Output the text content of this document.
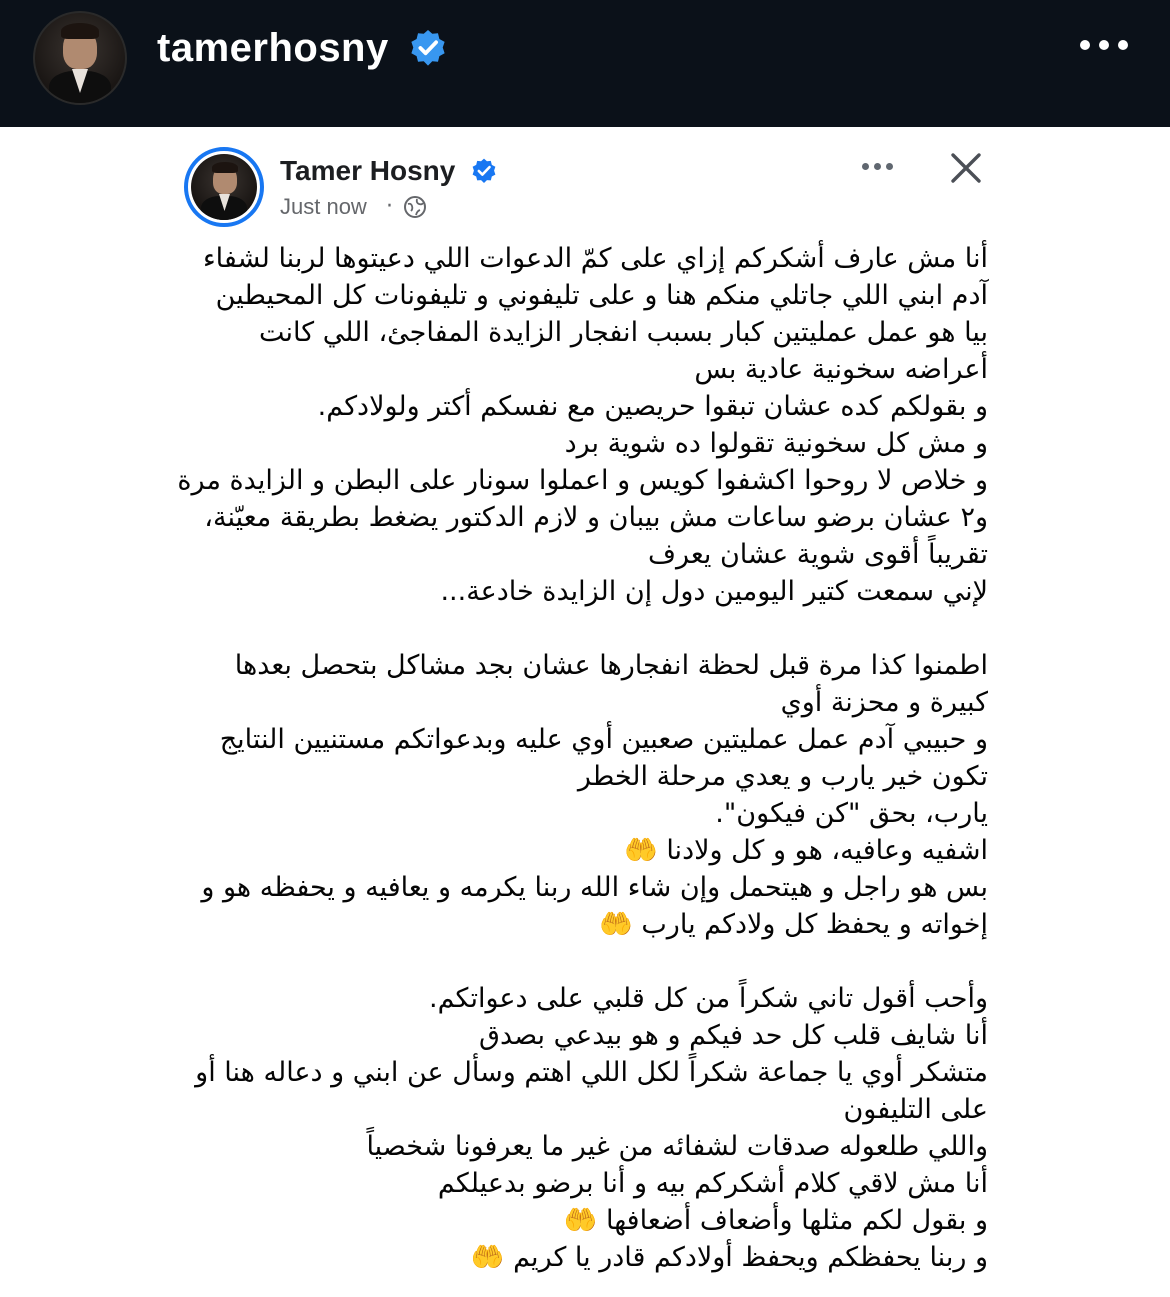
tamerhosny
Tamer Hosny
Just now ·
أنا مش عارف أشكركم إزاي على كمّ الدعوات اللي دعيتوها لربنا لشفاء
آدم ابني اللي جاتلي منكم هنا و على تليفوني و تليفونات كل المحيطين
بيا هو عمل عمليتين كبار بسبب انفجار الزايدة المفاجئ، اللي كانت
أعراضه سخونية عادية بس
و بقولكم كده عشان تبقوا حريصين مع نفسكم أكتر ولولادكم.
و مش كل سخونية تقولوا ده شوية برد
و خلاص لا روحوا اكشفوا كويس و اعملوا سونار على البطن و الزايدة مرة
و٢ عشان برضو ساعات مش بيبان و لازم الدكتور يضغط بطريقة معيّنة،
تقريباً أقوى شوية عشان يعرف
لإني سمعت كتير اليومين دول إن الزايدة خادعة...
اطمنوا كذا مرة قبل لحظة انفجارها عشان بجد مشاكل بتحصل بعدها
كبيرة و محزنة أوي
و حبيبي آدم عمل عمليتين صعبين أوي عليه وبدعواتكم مستنيين النتايج
تكون خير يارب و يعدي مرحلة الخطر
يارب، بحق "كن فيكون".
اشفيه وعافيه، هو و كل ولادنا 🤲
بس هو راجل و هيتحمل وإن شاء الله ربنا يكرمه و يعافيه و يحفظه هو و
إخواته و يحفظ كل ولادكم يارب 🤲
وأحب أقول تاني شكراً من كل قلبي على دعواتكم.
أنا شايف قلب كل حد فيكم و هو بيدعي بصدق
متشكر أوي يا جماعة شكراً لكل اللي اهتم وسأل عن ابني و دعاله هنا أو
على التليفون
واللي طلعوله صدقات لشفائه من غير ما يعرفونا شخصياً
أنا مش لاقي كلام أشكركم بيه و أنا برضو بدعيلكم
و بقول لكم مثلها وأضعاف أضعافها 🤲
و ربنا يحفظكم ويحفظ أولادكم قادر يا كريم 🤲
